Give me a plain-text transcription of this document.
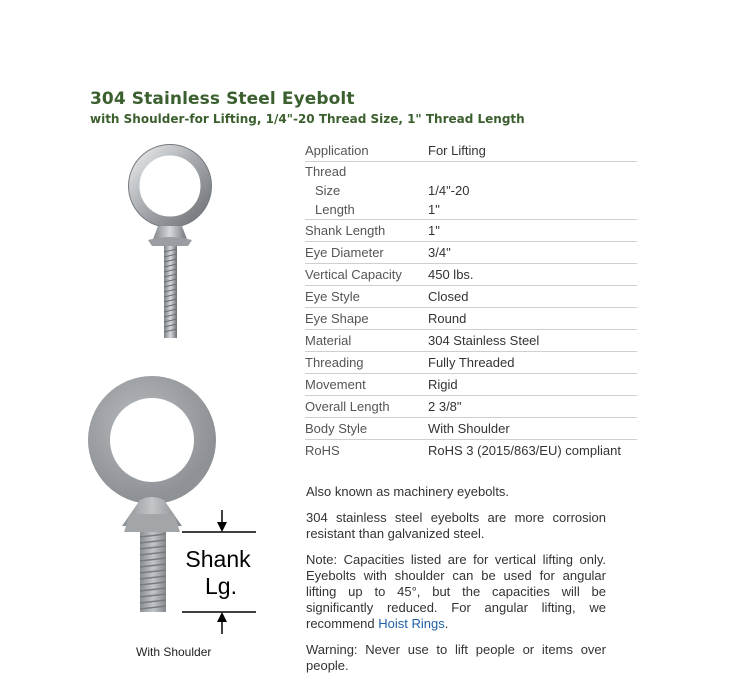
304 Stainless Steel Eyebolt
with Shoulder-for Lifting, 1/4"-20 Thread Size, 1" Thread Length
Shank
Lg.
With Shoulder
Application	For Lifting
Thread	
Size	1/4"-20
Length	1"
Shank Length	1"
Eye Diameter	3/4"
Vertical Capacity	450 lbs.
Eye Style	Closed
Eye Shape	Round
Material	304 Stainless Steel
Threading	Fully Threaded
Movement	Rigid
Overall Length	2 3/8"
Body Style	With Shoulder
RoHS	RoHS 3 (2015/863/EU) compliant

Also known as machinery eyebolts.

304 stainless steel eyebolts are more corrosion resistant than galvanized steel.

Note: Capacities listed are for vertical lifting only. Eyebolts with shoulder can be used for angular lifting up to 45°, but the capacities will be significantly reduced. For angular lifting, we recommend Hoist Rings.

Warning: Never use to lift people or items over people.
